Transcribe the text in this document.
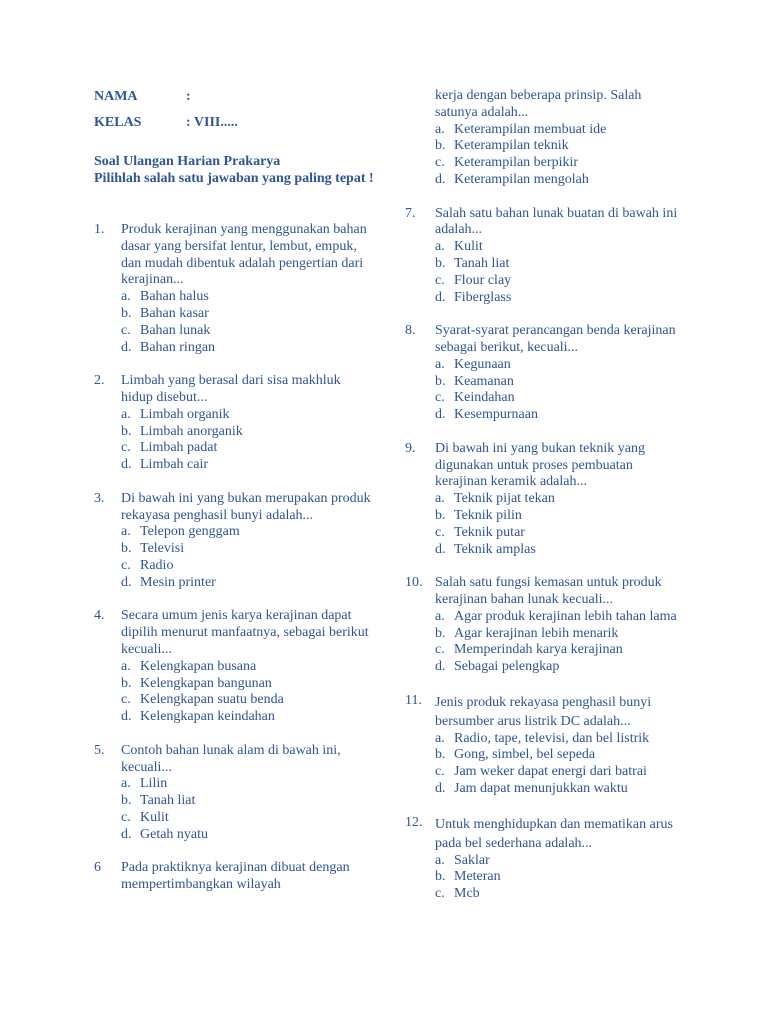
NAMA	:
KELAS	: VIII.....
Soal Ulangan Harian Prakarya
Pilihlah salah satu jawaban yang paling tepat !
1.	Produk kerajinan yang menggunakan bahan dasar yang bersifat lentur, lembut, empuk, dan mudah dibentuk adalah pengertian dari kerajinan...
a. Bahan halus
b. Bahan kasar
c. Bahan lunak
d. Bahan ringan
2.	Limbah yang berasal dari sisa makhluk hidup disebut...
a. Limbah organik
b. Limbah anorganik
c. Limbah padat
d. Limbah cair
3.	Di bawah ini yang bukan merupakan produk rekayasa penghasil bunyi adalah...
a. Telepon genggam
b. Televisi
c. Radio
d. Mesin printer
4.	Secara umum jenis karya kerajinan dapat dipilih menurut manfaatnya, sebagai berikut kecuali...
a. Kelengkapan busana
b. Kelengkapan bangunan
c. Kelengkapan suatu benda
d. Kelengkapan keindahan
5.	Contoh bahan lunak alam di bawah ini, kecuali...
a. Lilin
b. Tanah liat
c. Kulit
d. Getah nyatu
6	Pada praktiknya kerajinan dibuat dengan mempertimbangkan wilayah
kerja dengan beberapa prinsip. Salah satunya adalah...
a. Keterampilan membuat ide
b. Keterampilan teknik
c. Keterampilan berpikir
d. Keterampilan mengolah
7.	Salah satu bahan lunak buatan di bawah ini adalah...
a. Kulit
b. Tanah liat
c. Flour clay
d. Fiberglass
8.	Syarat-syarat perancangan benda kerajinan sebagai berikut, kecuali...
a. Kegunaan
b. Keamanan
c. Keindahan
d. Kesempurnaan
9.	Di bawah ini yang bukan teknik yang digunakan untuk proses pembuatan kerajinan keramik adalah...
a. Teknik pijat tekan
b. Teknik pilin
c. Teknik putar
d. Teknik amplas
10. Salah satu fungsi kemasan untuk produk kerajinan bahan lunak kecuali...
a. Agar produk kerajinan lebih tahan lama
b. Agar kerajinan lebih menarik
c. Memperindah karya kerajinan
d. Sebagai pelengkap
11. Jenis produk rekayasa penghasil bunyi bersumber arus listrik DC adalah...
a. Radio, tape, televisi, dan bel listrik
b. Gong, simbel, bel sepeda
c. Jam weker dapat energi dari batrai
d. Jam dapat menunjukkan waktu
12. Untuk menghidupkan dan mematikan arus pada bel sederhana adalah...
a. Saklar
b. Meteran
c. Mcb
